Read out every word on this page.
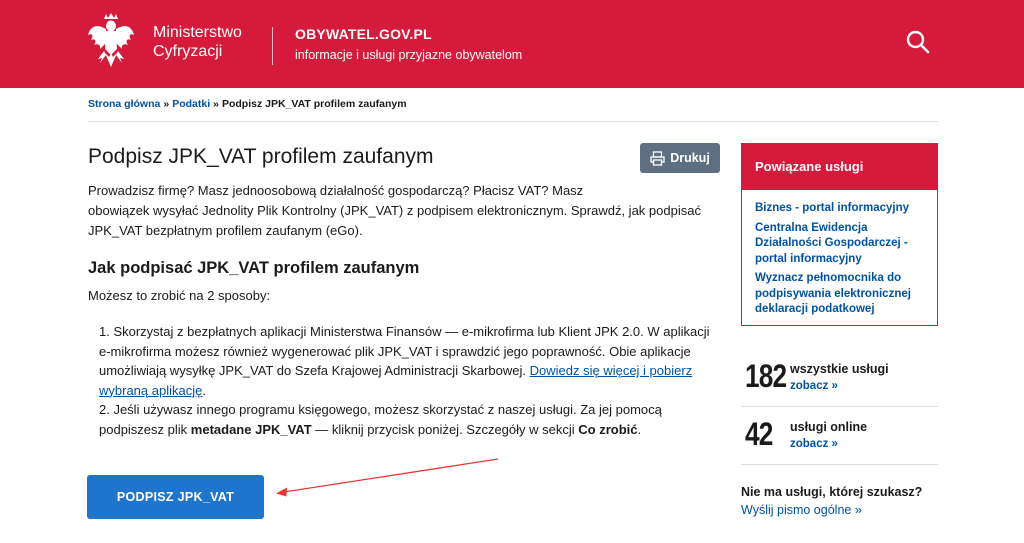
Ministerstwo
Cyfryzacji
OBYWATEL.GOV.PL
informacje i usługi przyjazne obywatelom
Strona główna » Podatki » Podpisz JPK_VAT profilem zaufanym
Podpisz JPK_VAT profilem zaufanym	Drukuj
Prowadzisz firmę? Masz jednoosobową działalność gospodarczą? Płacisz VAT? Masz
obowiązek wysyłać Jednolity Plik Kontrolny (JPK_VAT) z podpisem elektronicznym. Sprawdź, jak podpisać
JPK_VAT bezpłatnym profilem zaufanym (eGo).
Jak podpisać JPK_VAT profilem zaufanym

Możesz to zrobić na 2 sposoby:

1. Skorzystaj z bezpłatnych aplikacji Ministerstwa Finansów — e-mikrofirma lub Klient JPK 2.0. W aplikacji e-mikrofirma możesz również wygenerować plik JPK_VAT i sprawdzić jego poprawność. Obie aplikacje umożliwiają wysyłkę JPK_VAT do Szefa Krajowej Administracji Skarbowej. Dowiedz się więcej i pobierz wybraną aplikację.

2. Jeśli używasz innego programu księgowego, możesz skorzystać z naszej usługi. Za jej pomocą podpiszesz plik metadane JPK_VAT — kliknij przycisk poniżej. Szczegóły w sekcji Co zrobić.

PODPISZ JPK_VAT
Powiązane usługi
Biznes - portal informacyjny
Centralna Ewidencja Działalności Gospodarczej - portal informacyjny
Wyznacz pełnomocnika do podpisywania elektronicznej deklaracji podatkowej
182 wszystkie usługi
zobacz »
42 usługi online
zobacz »
Nie ma usługi, której szukasz?
Wyślij pismo ogólne »
